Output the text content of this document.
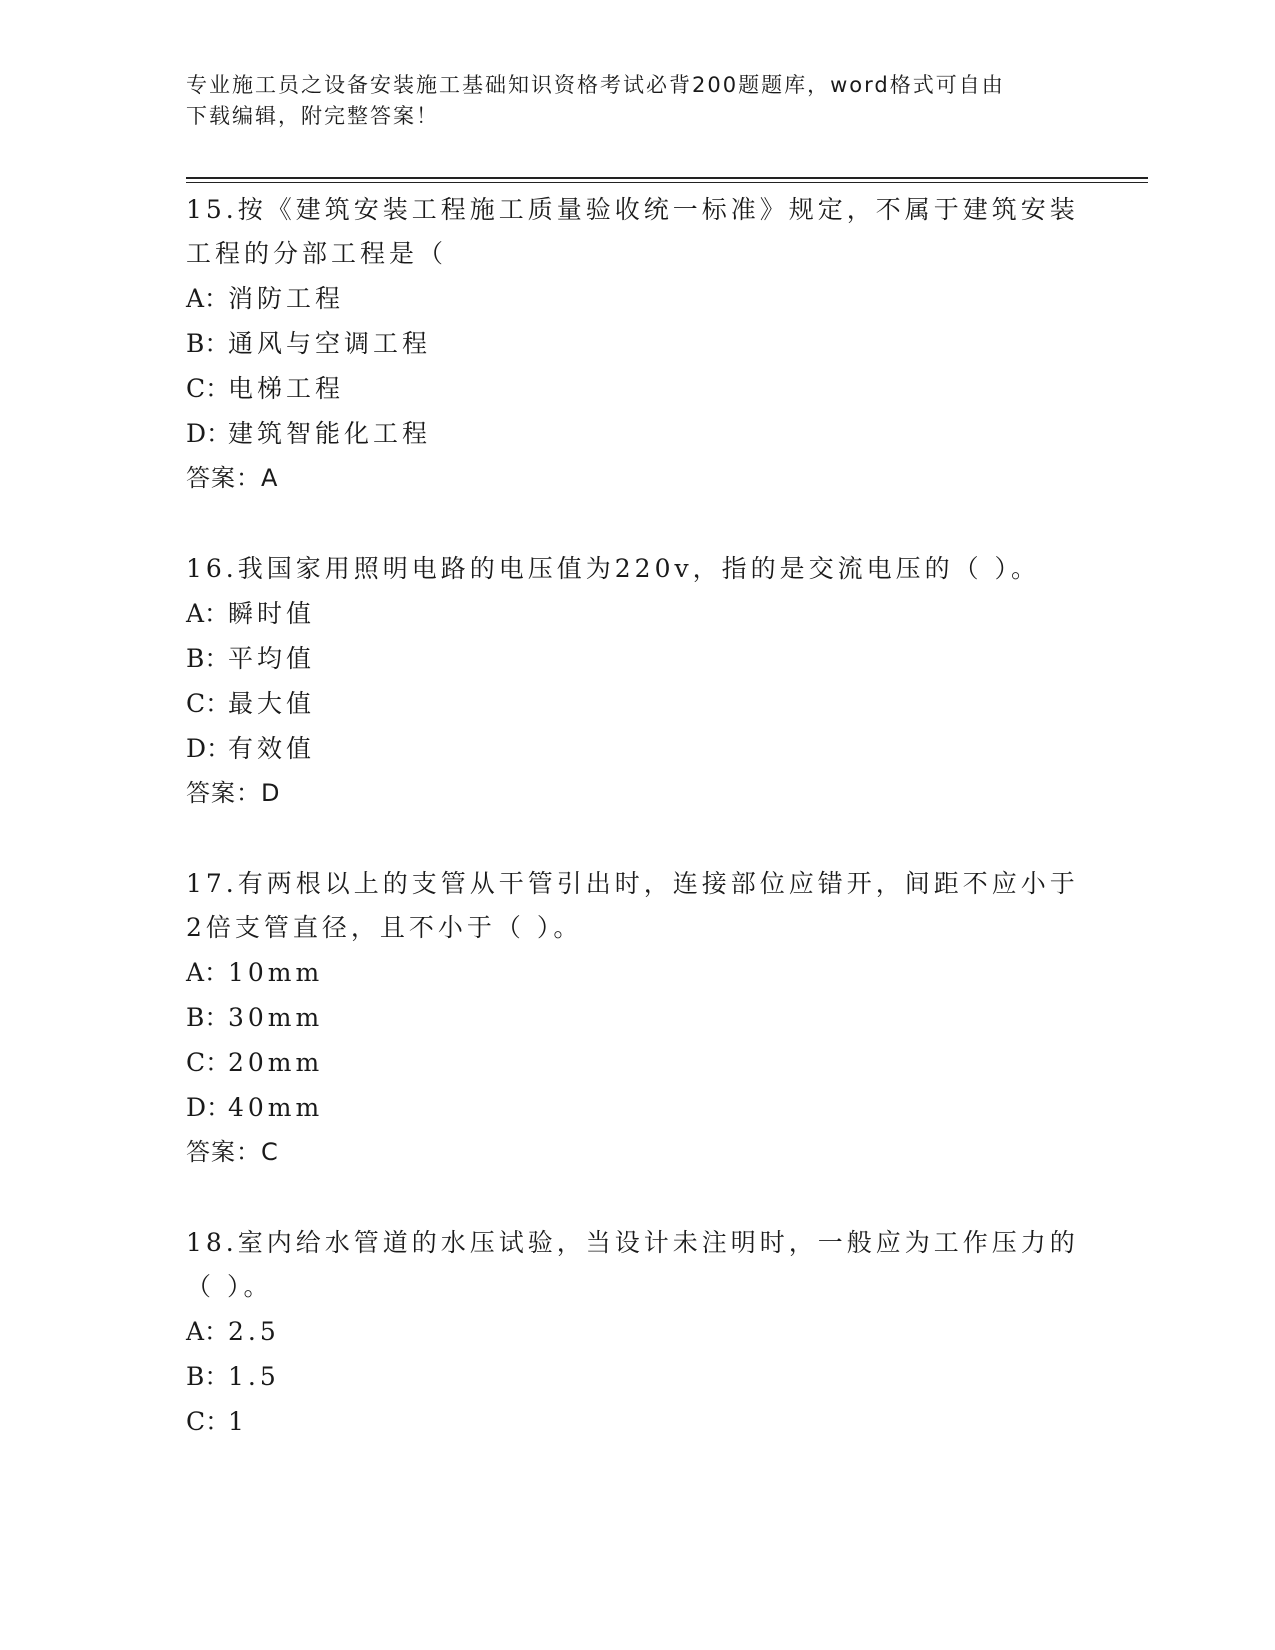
专业施工员之设备安装施工基础知识资格考试必背200题题库，word格式可自由
下载编辑，附完整答案！
15.按《建筑安装工程施工质量验收统一标准》规定，不属于建筑安装工程的分部工程是（
A：消防工程
B：通风与空调工程
C：电梯工程
D：建筑智能化工程
答案：A
16.我国家用照明电路的电压值为220v，指的是交流电压的（ ）。
A：瞬时值
B：平均值
C：最大值
D：有效值
答案：D
17.有两根以上的支管从干管引出时，连接部位应错开，间距不应小于2倍支管直径，且不小于（ ）。
A：10mm
B：30mm
C：20mm
D：40mm
答案：C
18.室内给水管道的水压试验，当设计未注明时，一般应为工作压力的（ ）。
A：2.5
B：1.5
C：1
